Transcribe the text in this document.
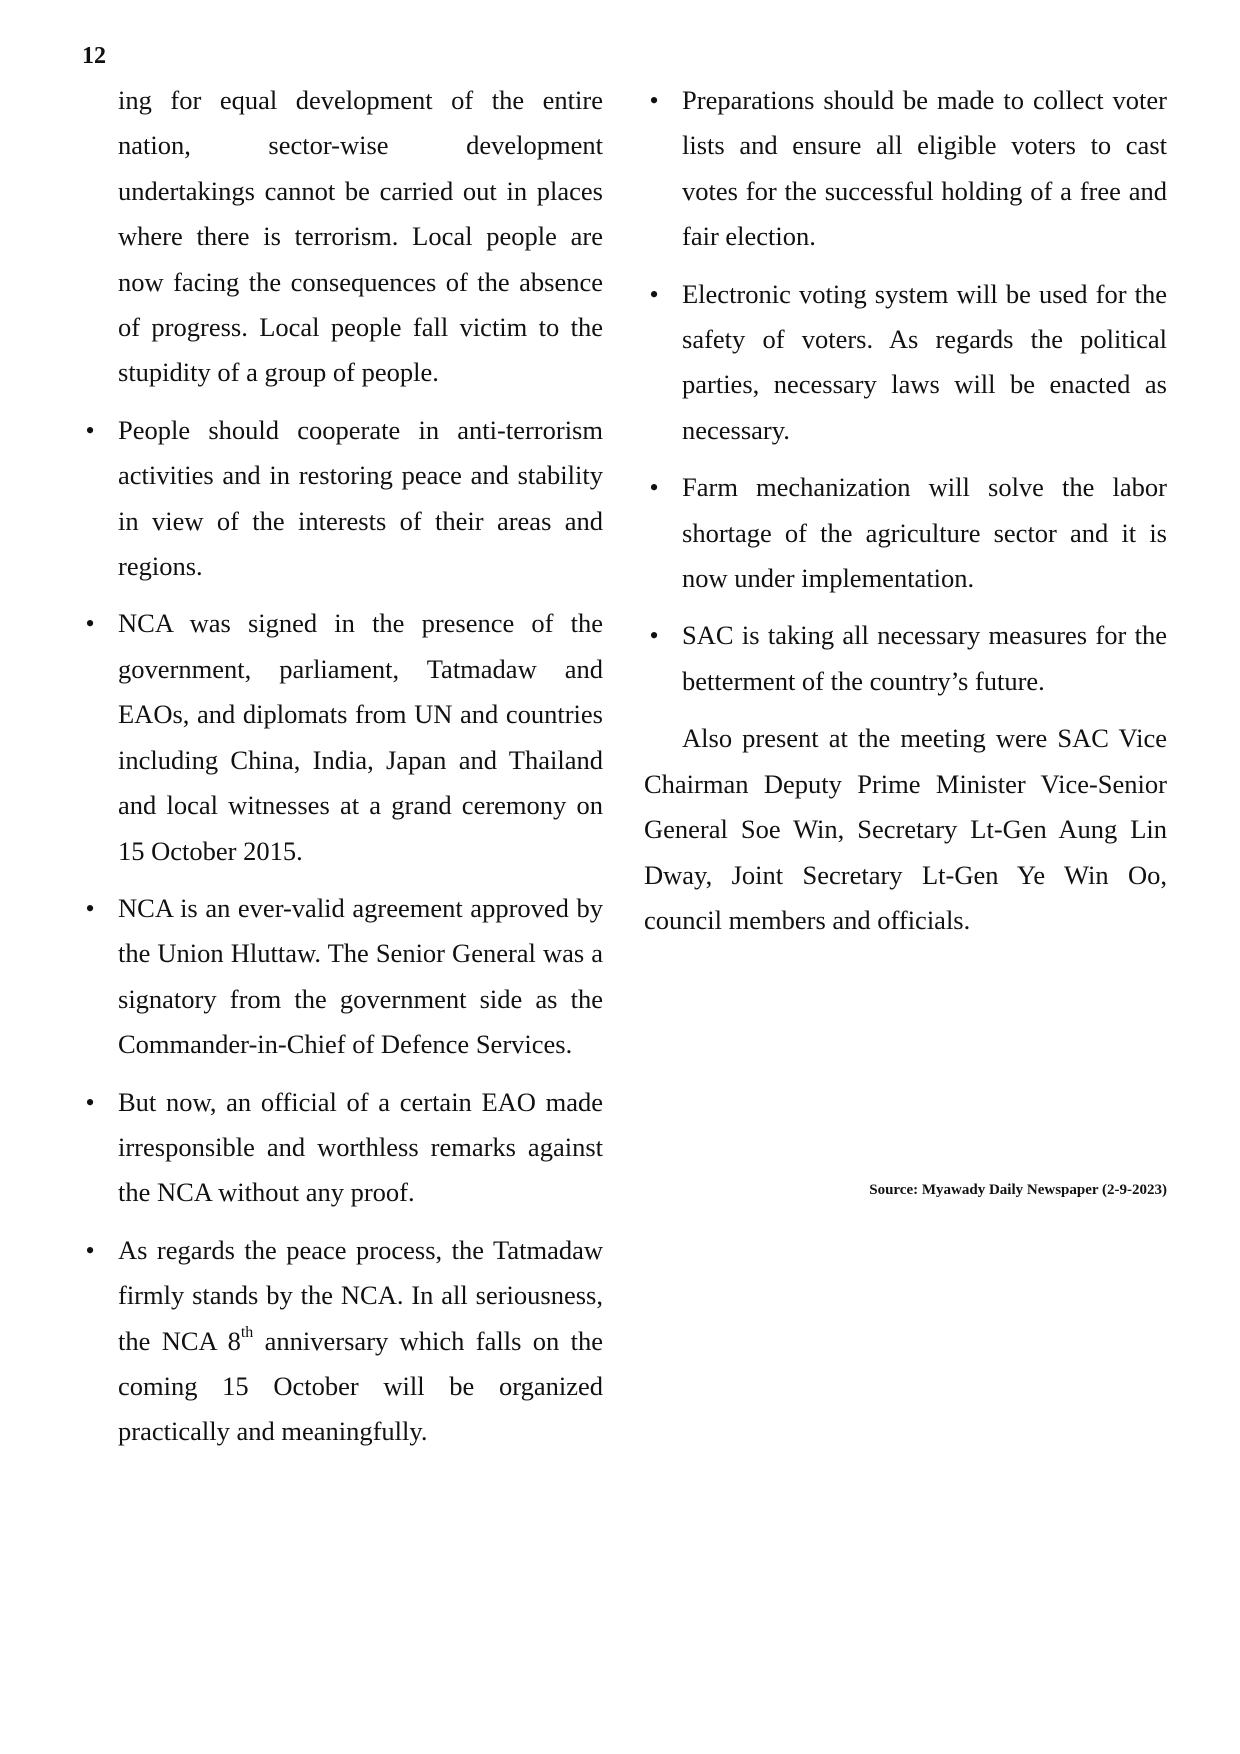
12

ing for equal development of the entire nation, sector-wise development undertakings cannot be carried out in places where there is terrorism. Local people are now facing the consequences of the absence of progress. Local people fall victim to the stupidity of a group of people.

• People should cooperate in anti-terrorism activities and in restoring peace and stability in view of the interests of their areas and regions.
• NCA was signed in the presence of the government, parliament, Tatmadaw and EAOs, and diplomats from UN and countries including China, India, Japan and Thailand and local witnesses at a grand ceremony on 15 October 2015.
• NCA is an ever-valid agreement approved by the Union Hluttaw. The Senior General was a signatory from the government side as the Commander-in-Chief of Defence Services.
• But now, an official of a certain EAO made irresponsible and worthless remarks against the NCA without any proof.
• As regards the peace process, the Tatmadaw firmly stands by the NCA. In all seriousness, the NCA 8th anniversary which falls on the coming 15 October will be organized practically and meaningfully.
• Preparations should be made to collect voter lists and ensure all eligible voters to cast votes for the successful holding of a free and fair election.
• Electronic voting system will be used for the safety of voters. As regards the political parties, necessary laws will be enacted as necessary.
• Farm mechanization will solve the labor shortage of the agriculture sector and it is now under implementation.
• SAC is taking all necessary measures for the betterment of the country’s future.

Also present at the meeting were SAC Vice Chairman Deputy Prime Minister Vice-Senior General Soe Win, Secretary Lt-Gen Aung Lin Dway, Joint Secretary Lt-Gen Ye Win Oo, council members and officials.

Source: Myawady Daily Newspaper (2-9-2023)
